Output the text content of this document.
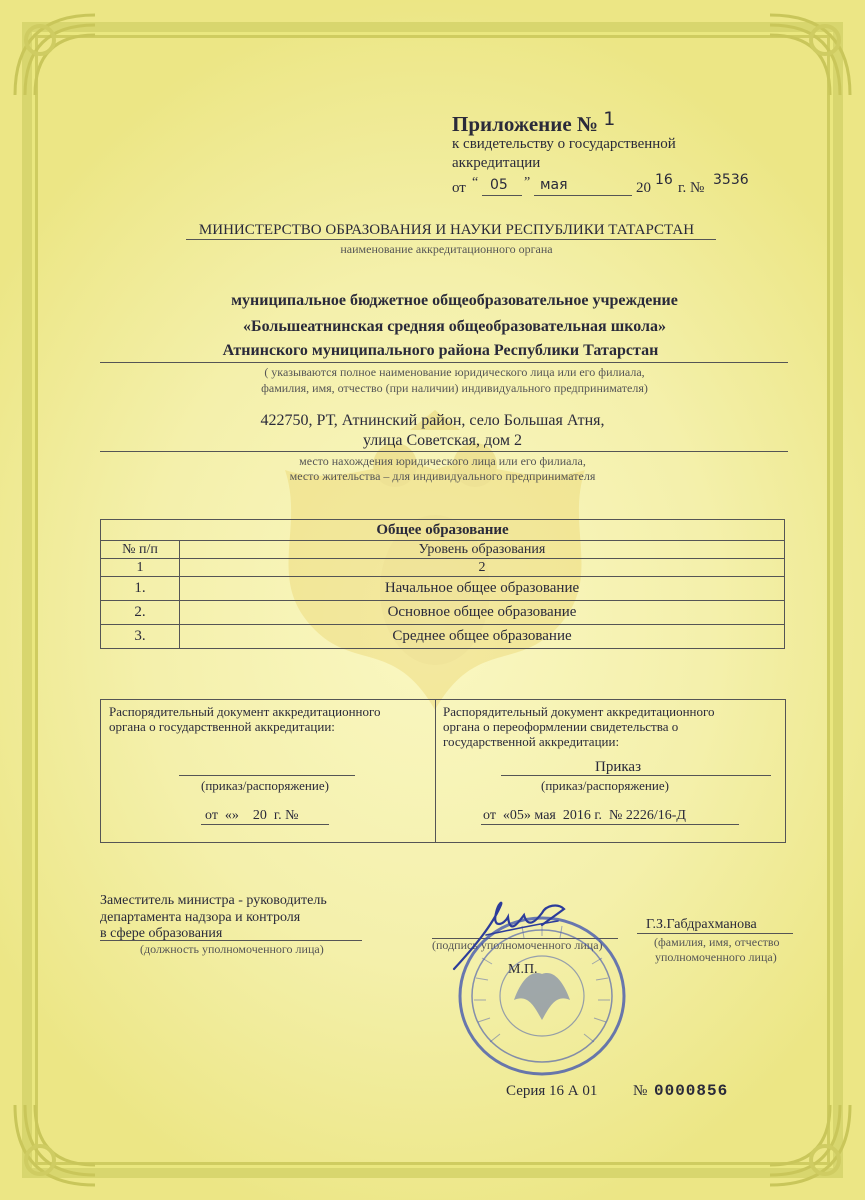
Приложение № 1
к свидетельству о государственной
аккредитации
от “ 05 ” мая	20 16 г. № 3536
МИНИСТЕРСТВО ОБРАЗОВАНИЯ И НАУКИ РЕСПУБЛИКИ ТАТАРСТАН
наименование аккредитационного органа
муниципальное бюджетное общеобразовательное учреждение
«Большеатнинская средняя общеобразовательная школа»
Атнинского муниципального района Республики Татарстан
( указываются полное наименование юридического лица или его филиала,
фамилия, имя, отчество (при наличии) индивидуального предпринимателя)
422750, РТ, Атнинский район, село Большая Атня,
улица Советская, дом 2
место нахождения юридического лица или его филиала,
место жительства – для индивидуального предпринимателя
Общее образование	
№ п/п	Уровень образования
1	2
1.	Начальное общее образование
2.	Основное общее образование
3.	Среднее общее образование
Распорядительный документ аккредитационного
органа о государственной аккредитации:
(приказ/распоряжение)
от  «»    20  г. №
Распорядительный документ аккредитационного
органа о переоформлении свидетельства о
государственной аккредитации:
Приказ
(приказ/распоряжение)
от  «05» мая  2016 г.  № 2226/16-Д
Заместитель министра - руководитель
департамента надзора и контроля
в сфере образования
(должность уполномоченного лица)	(подпись уполномоченного лица)
Г.З.Габдрахманова
(фамилия, имя, отчество
уполномоченного лица)
М.П.
Серия 16 А 01 № 0000856
